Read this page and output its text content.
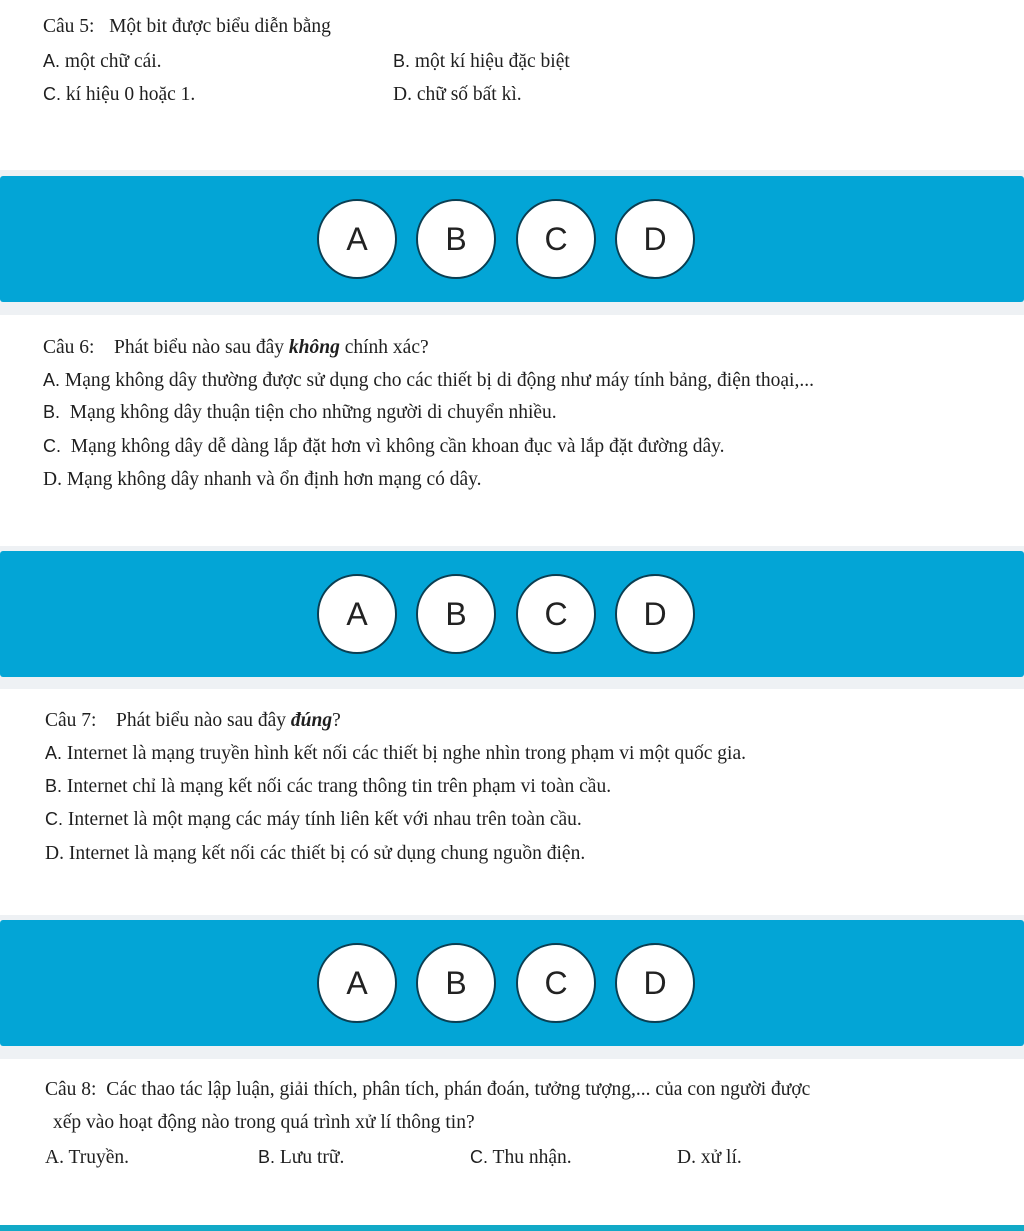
Câu 5: Một bit được biểu diễn bằng
A. một chữ cái.	B. một kí hiệu đặc biệt
C. kí hiệu 0 hoặc 1.	D. chữ số bất kì.
A	B	C	D
Câu 6: Phát biểu nào sau đây không chính xác?
A. Mạng không dây thường được sử dụng cho các thiết bị di động như máy tính bảng, điện thoại,...
B. Mạng không dây thuận tiện cho những người di chuyển nhiều.
C. Mạng không dây dễ dàng lắp đặt hơn vì không cần khoan đục và lắp đặt đường dây.
D. Mạng không dây nhanh và ổn định hơn mạng có dây.
A	B	C	D
Câu 7: Phát biểu nào sau đây đúng?
A. Internet là mạng truyền hình kết nối các thiết bị nghe nhìn trong phạm vi một quốc gia.
B. Internet chỉ là mạng kết nối các trang thông tin trên phạm vi toàn cầu.
C. Internet là một mạng các máy tính liên kết với nhau trên toàn cầu.
D. Internet là mạng kết nối các thiết bị có sử dụng chung nguồn điện.
A	B	C	D
Câu 8: Các thao tác lập luận, giải thích, phân tích, phán đoán, tưởng tượng,... của con người được
xếp vào hoạt động nào trong quá trình xử lí thông tin?
A. Truyền.	B. Lưu trữ.	C. Thu nhận.	D. xử lí.
